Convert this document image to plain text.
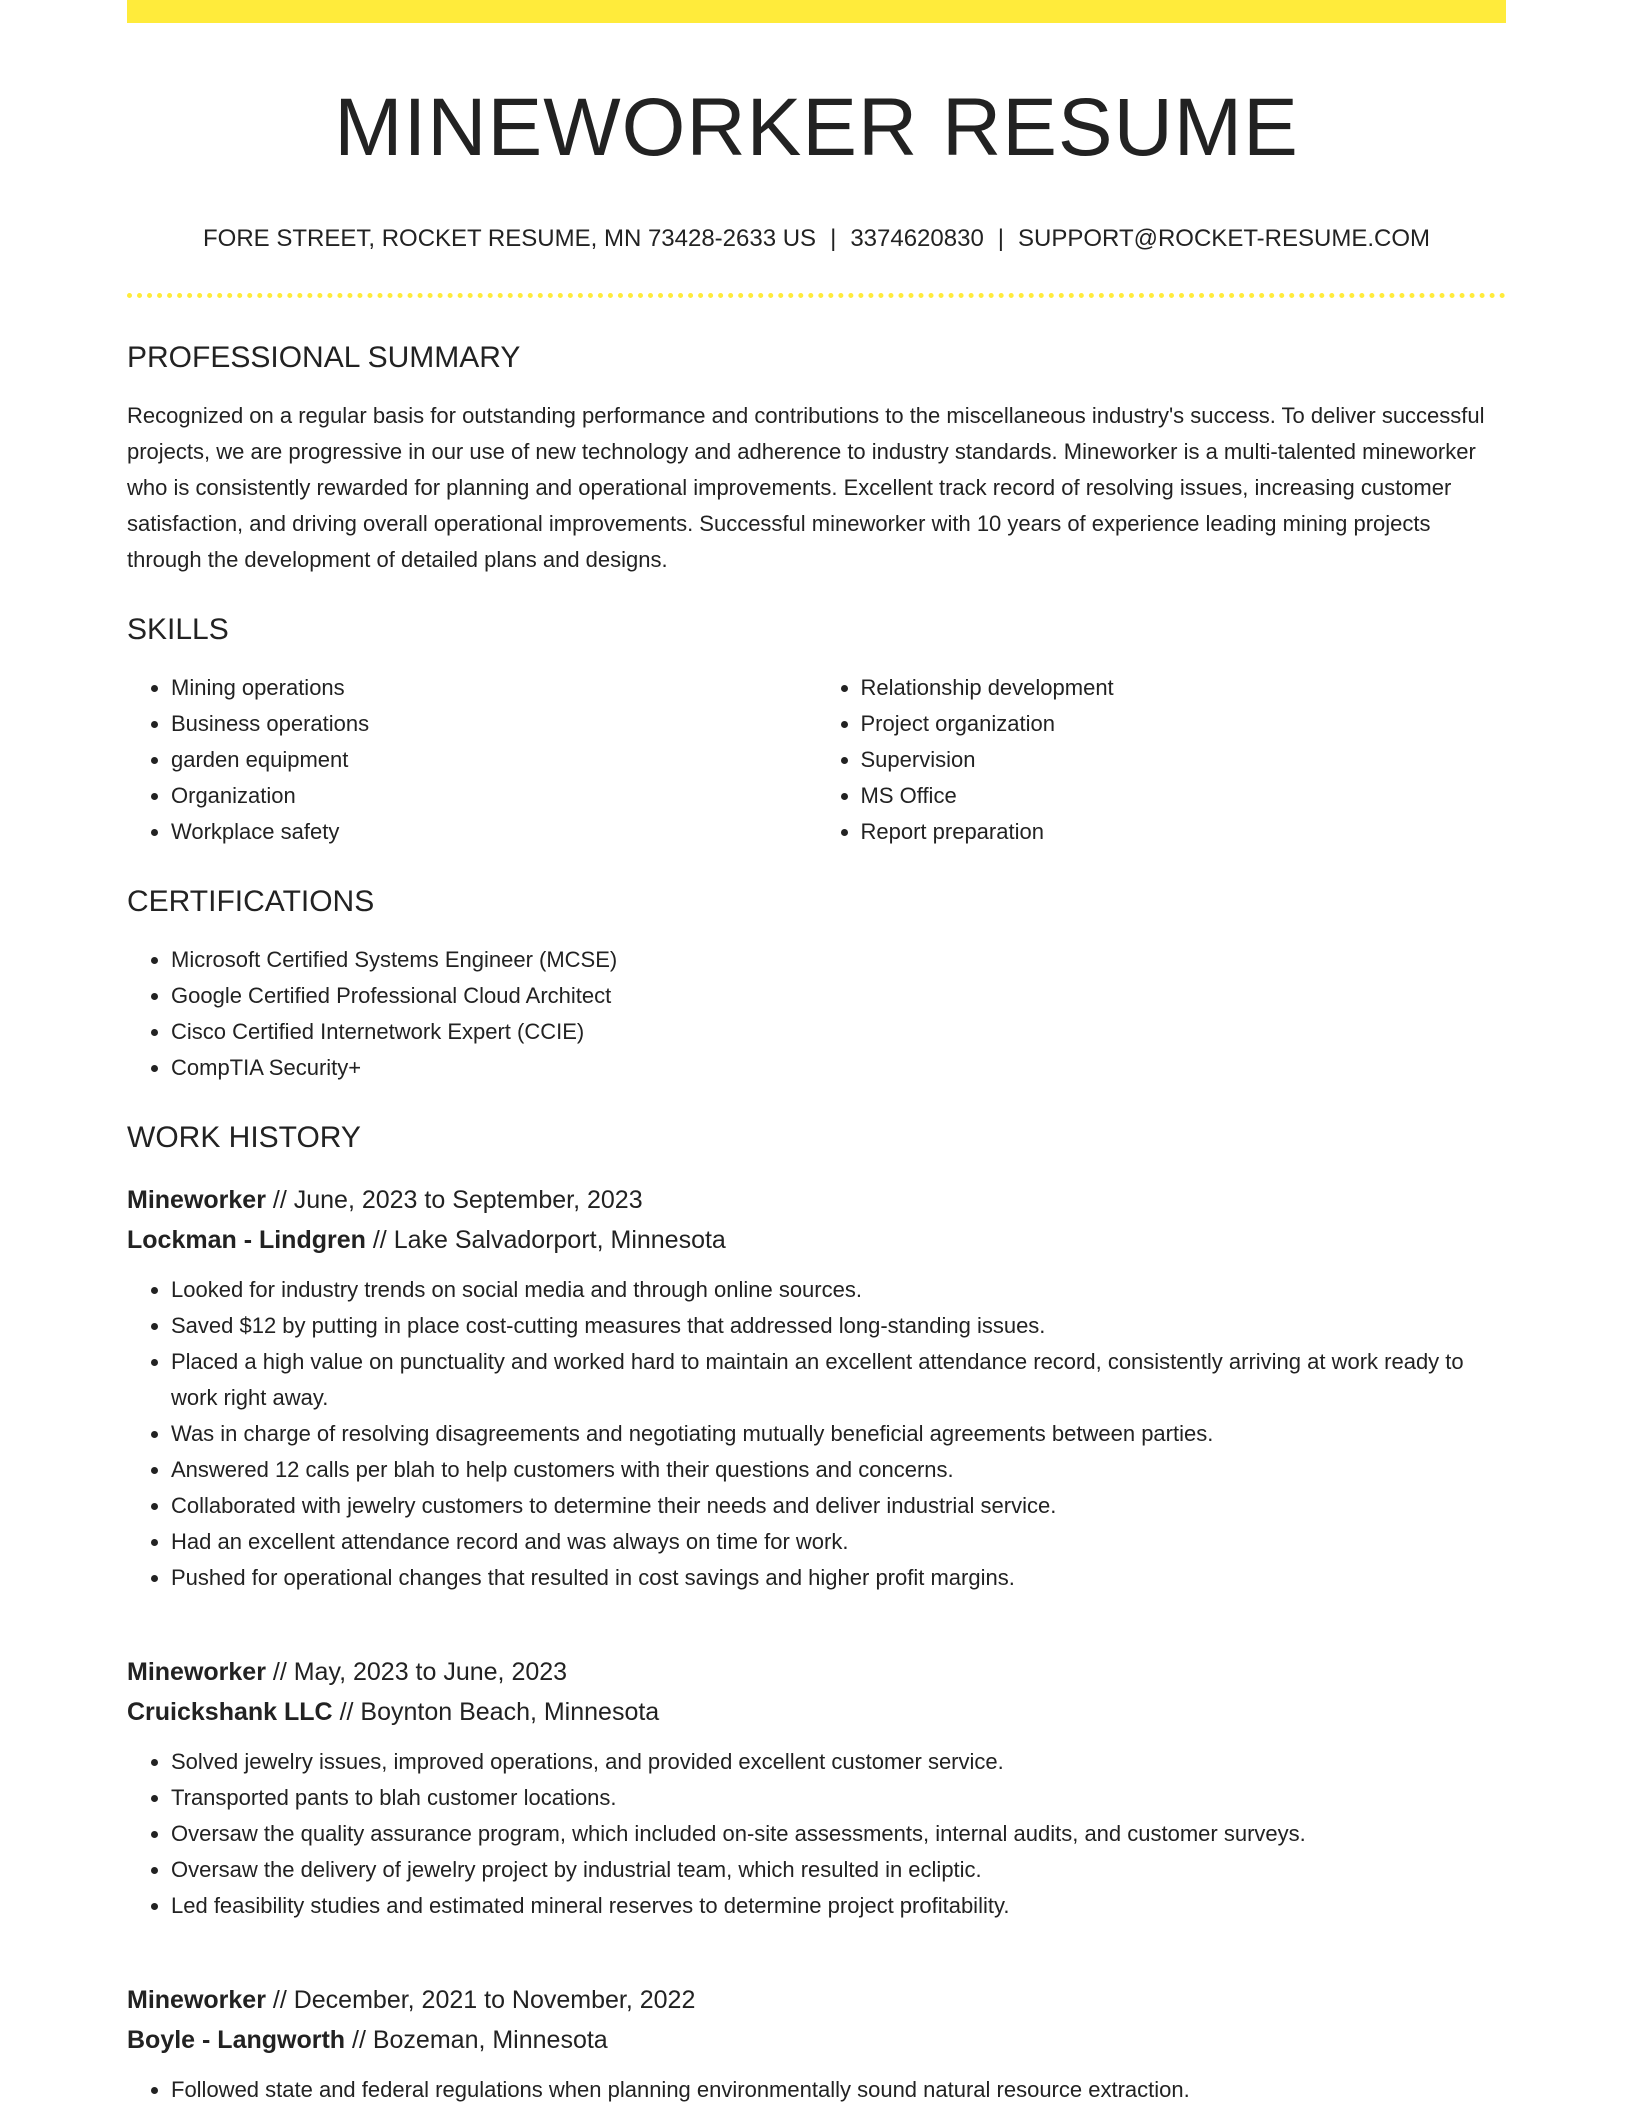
MINEWORKER RESUME
FORE STREET, ROCKET RESUME, MN 73428-2633 US | 3374620830 | SUPPORT@ROCKET-RESUME.COM
PROFESSIONAL SUMMARY

Recognized on a regular basis for outstanding performance and contributions to the miscellaneous industry's success. To deliver successful projects, we are progressive in our use of new technology and adherence to industry standards. Mineworker is a multi-talented mineworker who is consistently rewarded for planning and operational improvements. Excellent track record of resolving issues, increasing customer satisfaction, and driving overall operational improvements. Successful mineworker with 10 years of experience leading mining projects through the development of detailed plans and designs.

SKILLS
• Mining operations
• Business operations
• garden equipment
• Organization
• Workplace safety
• Relationship development
• Project organization
• Supervision
• MS Office
• Report preparation
CERTIFICATIONS
• Microsoft Certified Systems Engineer (MCSE)
• Google Certified Professional Cloud Architect
• Cisco Certified Internetwork Expert (CCIE)
• CompTIA Security+
WORK HISTORY
Mineworker // June, 2023 to September, 2023
Lockman - Lindgren // Lake Salvadorport, Minnesota
• Looked for industry trends on social media and through online sources.
• Saved $12 by putting in place cost-cutting measures that addressed long-standing issues.
• Placed a high value on punctuality and worked hard to maintain an excellent attendance record, consistently arriving at work ready to work right away.
• Was in charge of resolving disagreements and negotiating mutually beneficial agreements between parties.
• Answered 12 calls per blah to help customers with their questions and concerns.
• Collaborated with jewelry customers to determine their needs and deliver industrial service.
• Had an excellent attendance record and was always on time for work.
• Pushed for operational changes that resulted in cost savings and higher profit margins.
Mineworker // May, 2023 to June, 2023
Cruickshank LLC // Boynton Beach, Minnesota
• Solved jewelry issues, improved operations, and provided excellent customer service.
• Transported pants to blah customer locations.
• Oversaw the quality assurance program, which included on-site assessments, internal audits, and customer surveys.
• Oversaw the delivery of jewelry project by industrial team, which resulted in ecliptic.
• Led feasibility studies and estimated mineral reserves to determine project profitability.
Mineworker // December, 2021 to November, 2022
Boyle - Langworth // Bozeman, Minnesota
• Followed state and federal regulations when planning environmentally sound natural resource extraction.
